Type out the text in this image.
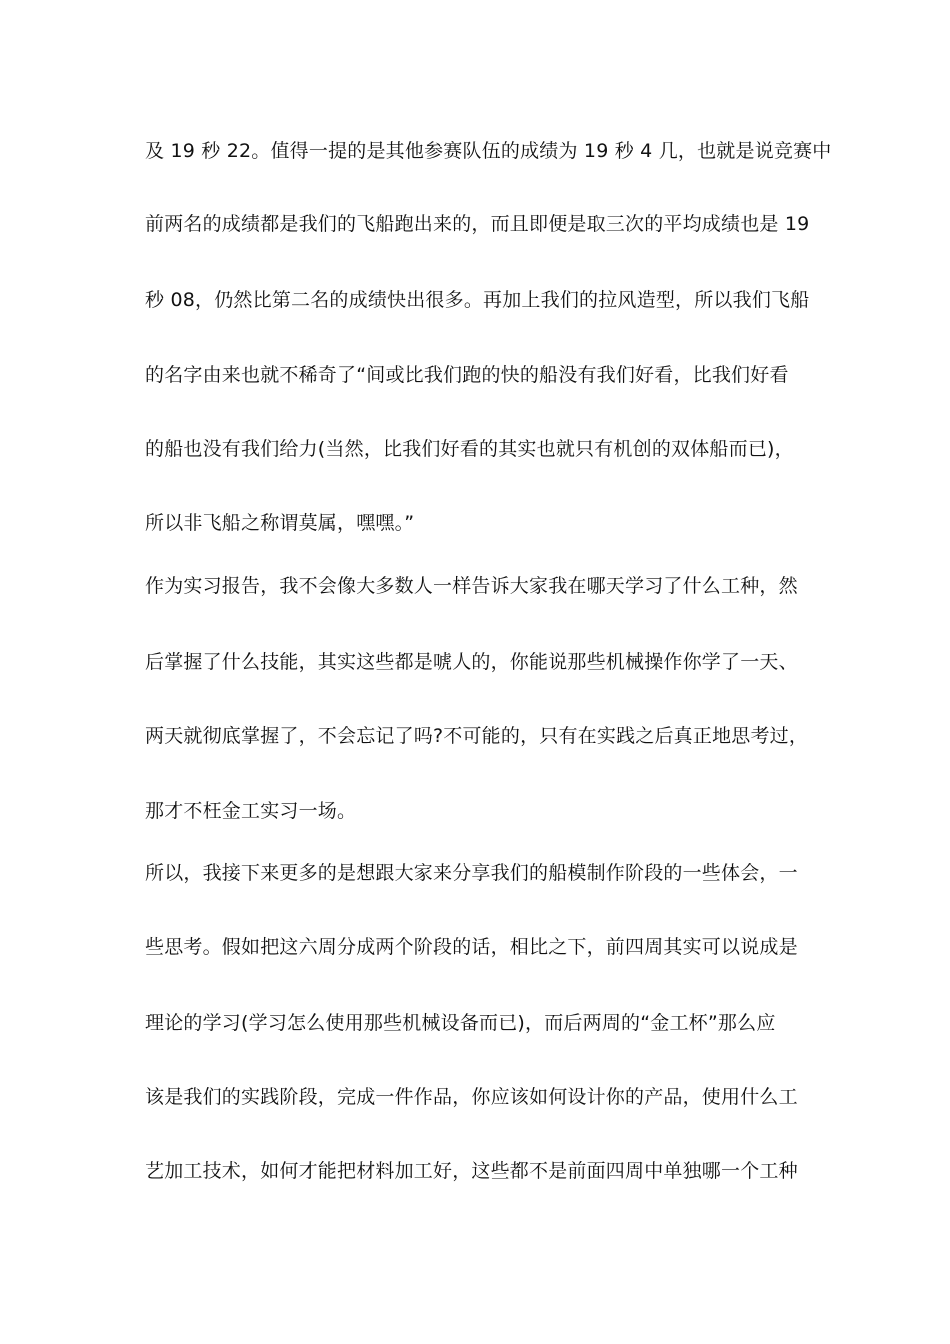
及 19 秒 22。值得一提的是其他参赛队伍的成绩为 19 秒 4 几，也就是说竞赛中
前两名的成绩都是我们的飞船跑出来的，而且即便是取三次的平均成绩也是 19
秒 08，仍然比第二名的成绩快出很多。再加上我们的拉风造型，所以我们飞船
的名字由来也就不稀奇了“间或比我们跑的快的船没有我们好看，比我们好看
的船也没有我们给力(当然，比我们好看的其实也就只有机创的双体船而已)，
所以非飞船之称谓莫属，嘿嘿。”
作为实习报告，我不会像大多数人一样告诉大家我在哪天学习了什么工种，然
后掌握了什么技能，其实这些都是唬人的，你能说那些机械操作你学了一天、
两天就彻底掌握了，不会忘记了吗?不可能的，只有在实践之后真正地思考过，
那才不枉金工实习一场。
所以，我接下来更多的是想跟大家来分享我们的船模制作阶段的一些体会，一
些思考。假如把这六周分成两个阶段的话，相比之下，前四周其实可以说成是
理论的学习(学习怎么使用那些机械设备而已)，而后两周的“金工杯”那么应
该是我们的实践阶段，完成一件作品，你应该如何设计你的产品，使用什么工
艺加工技术，如何才能把材料加工好，这些都不是前面四周中单独哪一个工种
